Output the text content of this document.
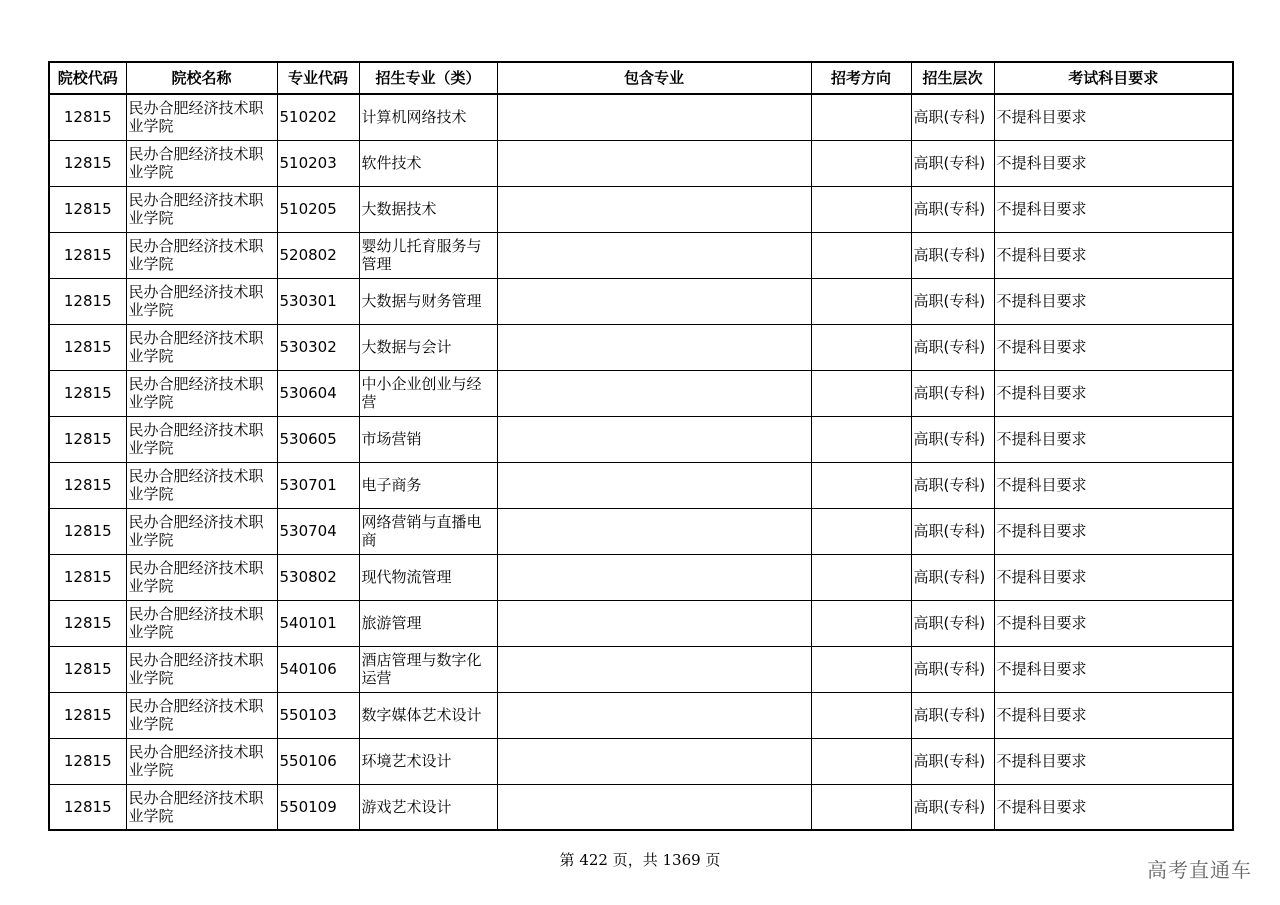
院校代码	院校名称	专业代码	招生专业（类）	包含专业	招考方向	招生层次	考试科目要求
12815	民办合肥经济技术职业学院	510202	计算机网络技术			高职(专科)	不提科目要求
12815	民办合肥经济技术职业学院	510203	软件技术			高职(专科)	不提科目要求
12815	民办合肥经济技术职业学院	510205	大数据技术			高职(专科)	不提科目要求
12815	民办合肥经济技术职业学院	520802	婴幼儿托育服务与管理			高职(专科)	不提科目要求
12815	民办合肥经济技术职业学院	530301	大数据与财务管理			高职(专科)	不提科目要求
12815	民办合肥经济技术职业学院	530302	大数据与会计			高职(专科)	不提科目要求
12815	民办合肥经济技术职业学院	530604	中小企业创业与经营			高职(专科)	不提科目要求
12815	民办合肥经济技术职业学院	530605	市场营销			高职(专科)	不提科目要求
12815	民办合肥经济技术职业学院	530701	电子商务			高职(专科)	不提科目要求
12815	民办合肥经济技术职业学院	530704	网络营销与直播电商			高职(专科)	不提科目要求
12815	民办合肥经济技术职业学院	530802	现代物流管理			高职(专科)	不提科目要求
12815	民办合肥经济技术职业学院	540101	旅游管理			高职(专科)	不提科目要求
12815	民办合肥经济技术职业学院	540106	酒店管理与数字化运营			高职(专科)	不提科目要求
12815	民办合肥经济技术职业学院	550103	数字媒体艺术设计			高职(专科)	不提科目要求
12815	民办合肥经济技术职业学院	550106	环境艺术设计			高职(专科)	不提科目要求
12815	民办合肥经济技术职业学院	550109	游戏艺术设计			高职(专科)	不提科目要求
第 422 页，共 1369 页	高考直通车
